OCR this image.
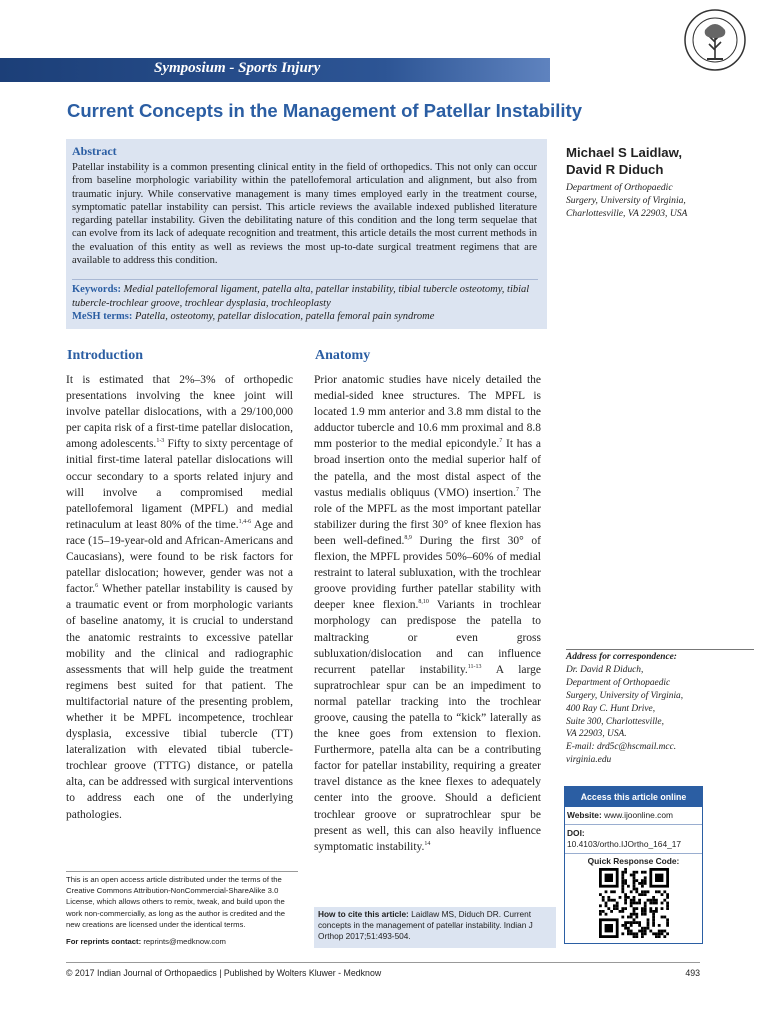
Symposium - Sports Injury
Current Concepts in the Management of Patellar Instability
Abstract
Patellar instability is a common presenting clinical entity in the field of orthopedics. This not only can occur from baseline morphologic variability within the patellofemoral articulation and alignment, but also from traumatic injury. While conservative management is many times employed early in the treatment course, symptomatic patellar instability can persist. This article reviews the available indexed published literature regarding patellar instability. Given the debilitating nature of this condition and the long term sequelae that can evolve from its lack of adequate recognition and treatment, this article details the most current methods in the evaluation of this entity as well as reviews the most up-to-date surgical treatment regimens that are available to address this condition.
Keywords: Medial patellofemoral ligament, patella alta, patellar instability, tibial tubercle osteotomy, tibial tubercle-trochlear groove, trochlear dysplasia, trochleoplasty
MeSH terms: Patella, osteotomy, patellar dislocation, patella femoral pain syndrome
Michael S Laidlaw,
David R Diduch
Department of Orthopaedic
Surgery, University of Virginia,
Charlottesville, VA 22903, USA
Introduction

It is estimated that 2%–3% of orthopedic presentations involving the knee joint will involve patellar dislocations, with a 29/100,000 per capita risk of a first-time patellar dislocation, among adolescents.$^{1-3}$ Fifty to sixty percentage of initial first-time lateral patellar dislocations will occur secondary to a sports related injury and will involve a compromised medial patellofemoral ligament (MPFL) and medial retinaculum at least 80% of the time.$^{1,4-6}$ Age and race (15–19-year-old and African-Americans and Caucasians), were found to be risk factors for patellar dislocation; however, gender was not a factor.$^6$ Whether patellar instability is caused by a traumatic event or from morphologic variants of baseline anatomy, it is crucial to understand the anatomic restraints to excessive patellar mobility and the clinical and radiographic assessments that will help guide the treatment regimens best suited for that patient. The multifactorial nature of the presenting problem, whether it be MPFL incompetence, trochlear dysplasia, excessive tibial tubercle (TT) lateralization with elevated tibial tubercle-trochlear groove (TTTG) distance, or patella alta, can be addressed with surgical interventions to address each one of the underlying pathologies.

Anatomy

Prior anatomic studies have nicely detailed the medial-sided knee structures. The MPFL is located 1.9 mm anterior and 3.8 mm distal to the adductor tubercle and 10.6 mm proximal and 8.8 mm posterior to the medial epicondyle.$^7$ It has a broad insertion onto the medial superior half of the patella, and the most distal aspect of the vastus medialis obliquus (VMO) insertion.$^7$ The role of the MPFL as the most important patellar stabilizer during the first 30° of knee flexion has been well-defined.$^{8,9}$ During the first 30° of flexion, the MPFL provides 50%–60% of medial restraint to lateral subluxation, with the trochlear groove providing further patellar stability with deeper knee flexion.$^{8,10}$ Variants in trochlear morphology can predispose the patella to maltracking or even gross subluxation/dislocation and can influence recurrent patellar instability.$^{11-13}$ A large supratrochlear spur can be an impediment to normal patellar tracking into the trochlear groove, causing the patella to “kick” laterally as the knee goes from extension to flexion. Furthermore, patella alta can be a contributing factor for patellar instability, requiring a greater travel distance as the knee flexes to adequately center into the groove. Should a deficient trochlear groove or supratrochlear spur be present as well, this can also heavily influence symptomatic instability.$^{14}$

Address for correspondence:
Dr. David R Diduch,
Department of Orthopaedic
Surgery, University of Virginia,
400 Ray C. Hunt Drive,
Suite 300, Charlottesville,
VA 22903, USA.
E-mail: drd5c@hscmail.mcc.
virginia.edu
Access this article online
Website: www.ijoonline.com
DOI:
10.4103/ortho.IJOrtho_164_17
Quick Response Code:
This is an open access article distributed under the terms of the Creative Commons Attribution-NonCommercial-ShareAlike 3.0 License, which allows others to remix, tweak, and build upon the work non-commercially, as long as the author is credited and the new creations are licensed under the identical terms.
For reprints contact: reprints@medknow.com
How to cite this article: Laidlaw MS, Diduch DR. Current concepts in the management of patellar instability. Indian J Orthop 2017;51:493-504.
© 2017 Indian Journal of Orthopaedics | Published by Wolters Kluwer - Medknow	493
